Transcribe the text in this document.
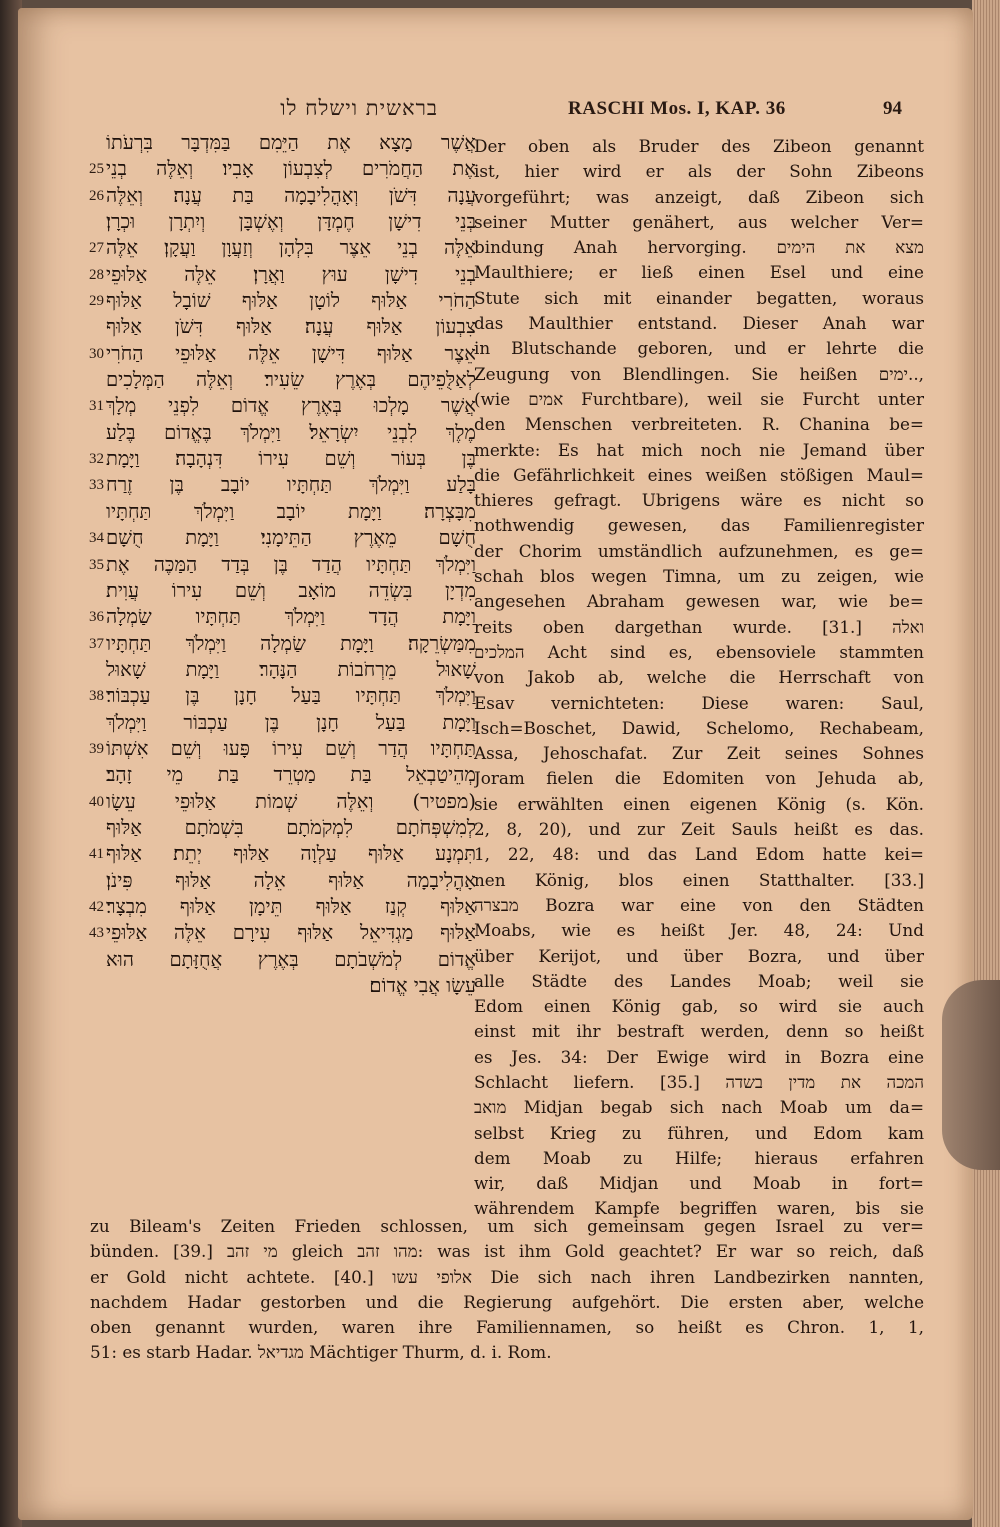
בראשית וישלח לו	RASCHI Mos. I, KAP. 36	94
אֲשֶׁר מָצָא אֶת הַיֵּמִם בַּמִּדְבָּר בִּרְעֹתוֹ
25 אֶת הַחֲמֹרִים לְצִבְעוֹן אָבִיו׃ וְאֵלֶּה בְנֵי
26 עֲנָה דִּשֹׁן וְאָהֳלִיבָמָה בַּת עֲנָה׃ וְאֵלֶּה
בְּנֵי דִישָׁן חֶמְדָּן וְאֶשְׁבָּן וְיִתְרָן וּכְרָן׃
27 אֵלֶּה בְנֵי אֵצֶר בִּלְהָן וְזַעֲוָן וַעֲקָן׃ אֵלֶּה
28 בְנֵי דִישָׁן עוּץ וַאֲרָן׃ אֵלֶּה אַלּוּפֵי
29 הַחֹרִי אַלּוּף לוֹטָן אַלּוּף שׁוֹבָל אַלּוּף
צִבְעוֹן אַלּוּף עֲנָה׃ אַלּוּף דִּשֹׁן אַלּוּף
30 אֵצֶר אַלּוּף דִּישָׁן אֵלֶּה אַלּוּפֵי הַחֹרִי
לְאַלֻּפֵיהֶם בְּאֶרֶץ שֵׂעִיר׃ וְאֵלֶּה הַמְּלָכִים
31 אֲשֶׁר מָלְכוּ בְּאֶרֶץ אֱדוֹם לִפְנֵי מְלָךְ
מֶלֶךְ לִבְנֵי יִשְׂרָאֵל׃ וַיִּמְלֹךְ בֶּאֱדוֹם בֶּלַע
32 בֶּן בְּעוֹר וְשֵׁם עִירוֹ דִּנְהָבָה׃ וַיָּמָת
33 בָּלַע וַיִּמְלֹךְ תַּחְתָּיו יוֹבָב בֶּן זֶרַח
מִבָּצְרָה׃ וַיָּמָת יוֹבָב וַיִּמְלֹךְ תַּחְתָּיו
34 חֻשָׁם מֵאֶרֶץ הַתֵּימָנִי׃ וַיָּמָת חֻשָׁם
35 וַיִּמְלֹךְ תַּחְתָּיו הֲדַד בֶּן בְּדַד הַמַּכֶּה אֶת
מִדְיָן בִּשְׂדֵה מוֹאָב וְשֵׁם עִירוֹ עֲוִית׃
36 וַיָּמָת הֲדָד וַיִּמְלֹךְ תַּחְתָּיו שַׂמְלָה
37 מִמַּשְׂרֵקָה׃ וַיָּמָת שַׂמְלָה וַיִּמְלֹךְ תַּחְתָּיו
שָׁאוּל מֵרְחֹבוֹת הַנָּהָר׃ וַיָּמָת שָׁאוּל
38 וַיִּמְלֹךְ תַּחְתָּיו בַּעַל חָנָן בֶּן עַכְבּוֹר׃
וַיָּמָת בַּעַל חָנָן בֶּן עַכְבּוֹר וַיִּמְלֹךְ
39 תַּחְתָּיו הֲדַר וְשֵׁם עִירוֹ פָּעוּ וְשֵׁם אִשְׁתּוֹ
מְהֵיטַבְאֵל בַּת מַטְרֵד בַּת מֵי זָהָב׃
40 (מפטיר) וְאֵלֶּה שְׁמוֹת אַלּוּפֵי עֵשָׂו
לְמִשְׁפְּחֹתָם לִמְקֹמֹתָם בִּשְׁמֹתָם אַלּוּף
41 תִּמְנָע אַלּוּף עַלְוָה אַלּוּף יְתֵת׃ אַלּוּף
אָהֳלִיבָמָה אַלּוּף אֵלָה אַלּוּף פִּינֹן׃
42 אַלּוּף קְנַז אַלּוּף תֵּימָן אַלּוּף מִבְצָר׃
43 אַלּוּף מַגְדִּיאֵל אַלּוּף עִירָם אֵלֶּה אַלּוּפֵי
אֱדוֹם לְמֹשְׁבֹתָם בְּאֶרֶץ אֲחֻזָּתָם הוּא
עֵשָׂו אֲבִי אֱדוֹם׃
Der oben als Bruder des Zibeon genannt
ist, hier wird er als der Sohn Zibeons
vorgeführt; was anzeigt, daß Zibeon sich
seiner Mutter genähert, aus welcher Ver=
bindung Anah hervorging. מצא את הימים
Maulthiere; er ließ einen Esel und eine
Stute sich mit einander begatten, woraus
das Maulthier entstand. Dieser Anah war
in Blutschande geboren, und er lehrte die
Zeugung von Blendlingen. Sie heißen ימים..,
(wie אמים Furchtbare), weil sie Furcht unter
den Menschen verbreiteten. R. Chanina be=
merkte: Es hat mich noch nie Jemand über
die Gefährlichkeit eines weißen stößigen Maul=
thieres gefragt. Ubrigens wäre es nicht so
nothwendig gewesen, das Familienregister
der Chorim umständlich aufzunehmen, es ge=
schah blos wegen Timna, um zu zeigen, wie
angesehen Abraham gewesen war, wie be=
reits oben dargethan wurde. [31.] ואלה
המלכים Acht sind es, ebensoviele stammten
von Jakob ab, welche die Herrschaft von
Esav vernichteten: Diese waren: Saul,
Isch=Boschet, Dawid, Schelomo, Rechabeam,
Assa, Jehoschafat. Zur Zeit seines Sohnes
Joram fielen die Edomiten von Jehuda ab,
sie erwählten einen eigenen König (s. Kön.
2, 8, 20), und zur Zeit Sauls heißt es das.
1, 22, 48: und das Land Edom hatte kei=
nen König, blos einen Statthalter. [33.]
מבצרה Bozra war eine von den Städten
Moabs, wie es heißt Jer. 48, 24: Und
über Kerijot, und über Bozra, und über
alle Städte des Landes Moab; weil sie
Edom einen König gab, so wird sie auch
einst mit ihr bestraft werden, denn so heißt
es Jes. 34: Der Ewige wird in Bozra eine
Schlacht liefern. [35.] המכה את מדין בשדה
מואב Midjan begab sich nach Moab um da=
selbst Krieg zu führen, und Edom kam
dem Moab zu Hilfe; hieraus erfahren
wir, daß Midjan und Moab in fort=
währendem Kampfe begriffen waren, bis sie
zu Bileam's Zeiten Frieden schlossen, um sich gemeinsam gegen Israel zu ver=
bünden. [39.] מי זהב gleich מהו זהב: was ist ihm Gold geachtet? Er war so reich, daß
er Gold nicht achtete. [40.] אלופי עשו Die sich nach ihren Landbezirken nannten,
nachdem Hadar gestorben und die Regierung aufgehört. Die ersten aber, welche
oben genannt wurden, waren ihre Familiennamen, so heißt es Chron. 1, 1,
51: es starb Hadar. מגדיאל Mächtiger Thurm, d. i. Rom.
